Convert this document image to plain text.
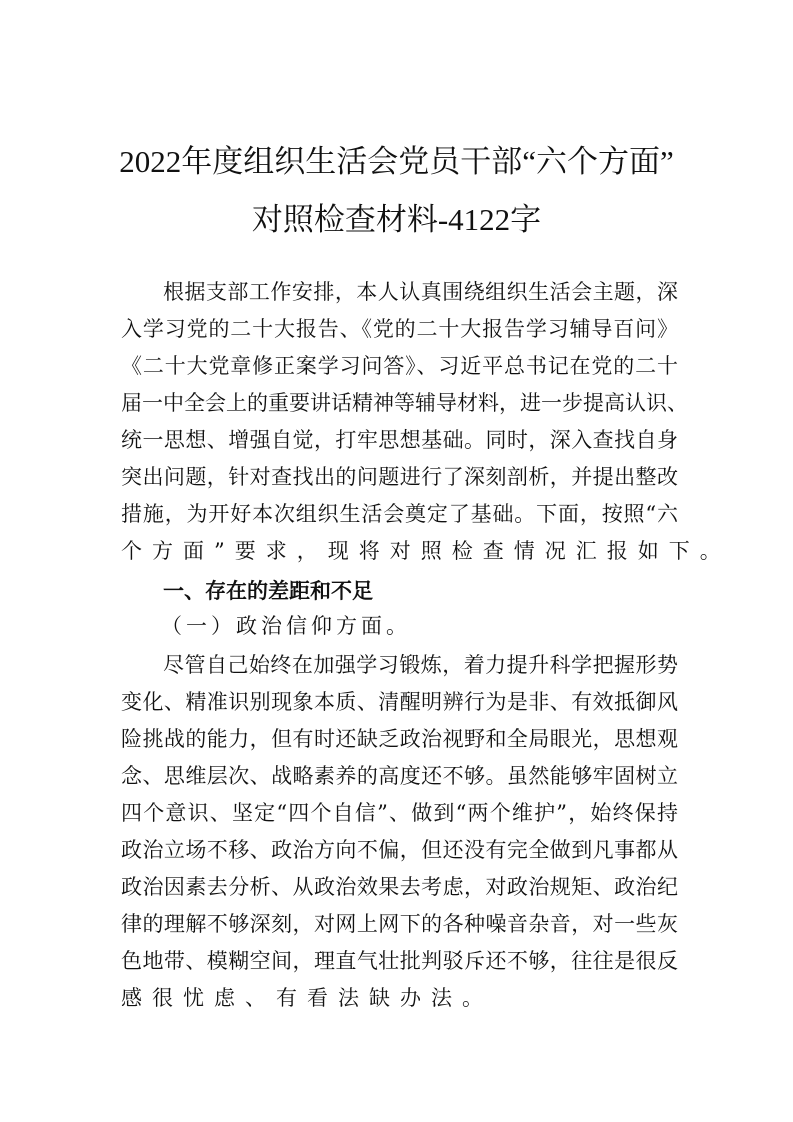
2022年度组织生活会党员干部“六个方面”
对照检查材料-4122字
根据支部工作安排，本人认真围绕组织生活会主题，深
入学习党的二十大报告、《党的二十大报告学习辅导百问》
《二十大党章修正案学习问答》、习近平总书记在党的二十
届一中全会上的重要讲话精神等辅导材料，进一步提高认识、
统一思想、增强自觉，打牢思想基础。同时，深入查找自身
突出问题，针对查找出的问题进行了深刻剖析，并提出整改
措施，为开好本次组织生活会奠定了基础。下面，按照“六
个方面”要求，现将对照检查情况汇报如下。
一、存在的差距和不足
（一）政治信仰方面。
尽管自己始终在加强学习锻炼，着力提升科学把握形势
变化、精准识别现象本质、清醒明辨行为是非、有效抵御风
险挑战的能力，但有时还缺乏政治视野和全局眼光，思想观
念、思维层次、战略素养的高度还不够。虽然能够牢固树立
四个意识、坚定“四个自信”、做到“两个维护”，始终保持
政治立场不移、政治方向不偏，但还没有完全做到凡事都从
政治因素去分析、从政治效果去考虑，对政治规矩、政治纪
律的理解不够深刻，对网上网下的各种噪音杂音，对一些灰
色地带、模糊空间，理直气壮批判驳斥还不够，往往是很反
感很忧虑、有看法缺办法。
